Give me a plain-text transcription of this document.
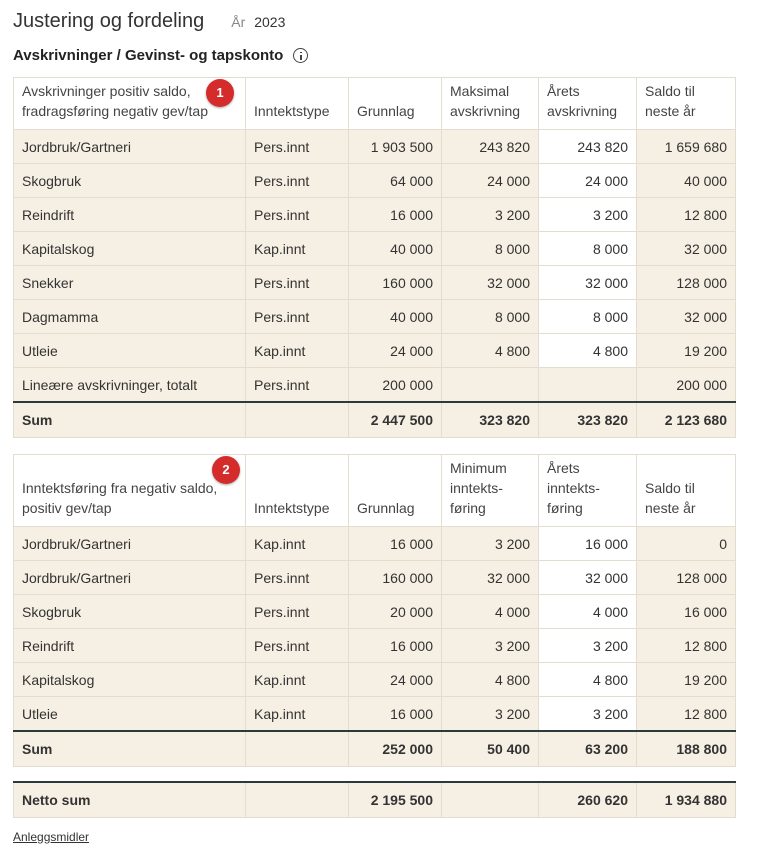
Justering og fordeling År 2023
Avskrivninger / Gevinst- og tapskonto
Avskrivninger positiv saldo, fradragsføring negativ gev/tap	Inntektstype	Grunnlag	Maksimal avskrivning	Årets avskrivning	Saldo til neste år
Jordbruk/Gartneri	Pers.innt	1 903 500	243 820	243 820	1 659 680
Skogbruk	Pers.innt	64 000	24 000	24 000	40 000
Reindrift	Pers.innt	16 000	3 200	3 200	12 800
Kapitalskog	Kap.innt	40 000	8 000	8 000	32 000
Snekker	Pers.innt	160 000	32 000	32 000	128 000
Dagmamma	Pers.innt	40 000	8 000	8 000	32 000
Utleie	Kap.innt	24 000	4 800	4 800	19 200
Lineære avskrivninger, totalt	Pers.innt	200 000			200 000
Sum		2 447 500	323 820	323 820	2 123 680
1
Inntektsføring fra negativ saldo, positiv gev/tap	Inntektstype	Grunnlag	Minimum inntekts-føring	Årets inntekts-føring	Saldo til neste år
Jordbruk/Gartneri	Kap.innt	16 000	3 200	16 000	0
Jordbruk/Gartneri	Pers.innt	160 000	32 000	32 000	128 000
Skogbruk	Pers.innt	20 000	4 000	4 000	16 000
Reindrift	Pers.innt	16 000	3 200	3 200	12 800
Kapitalskog	Kap.innt	24 000	4 800	4 800	19 200
Utleie	Kap.innt	16 000	3 200	3 200	12 800
Sum		252 000	50 400	63 200	188 800
2
Netto sum		2 195 500		260 620	1 934 880
Anleggsmidler
